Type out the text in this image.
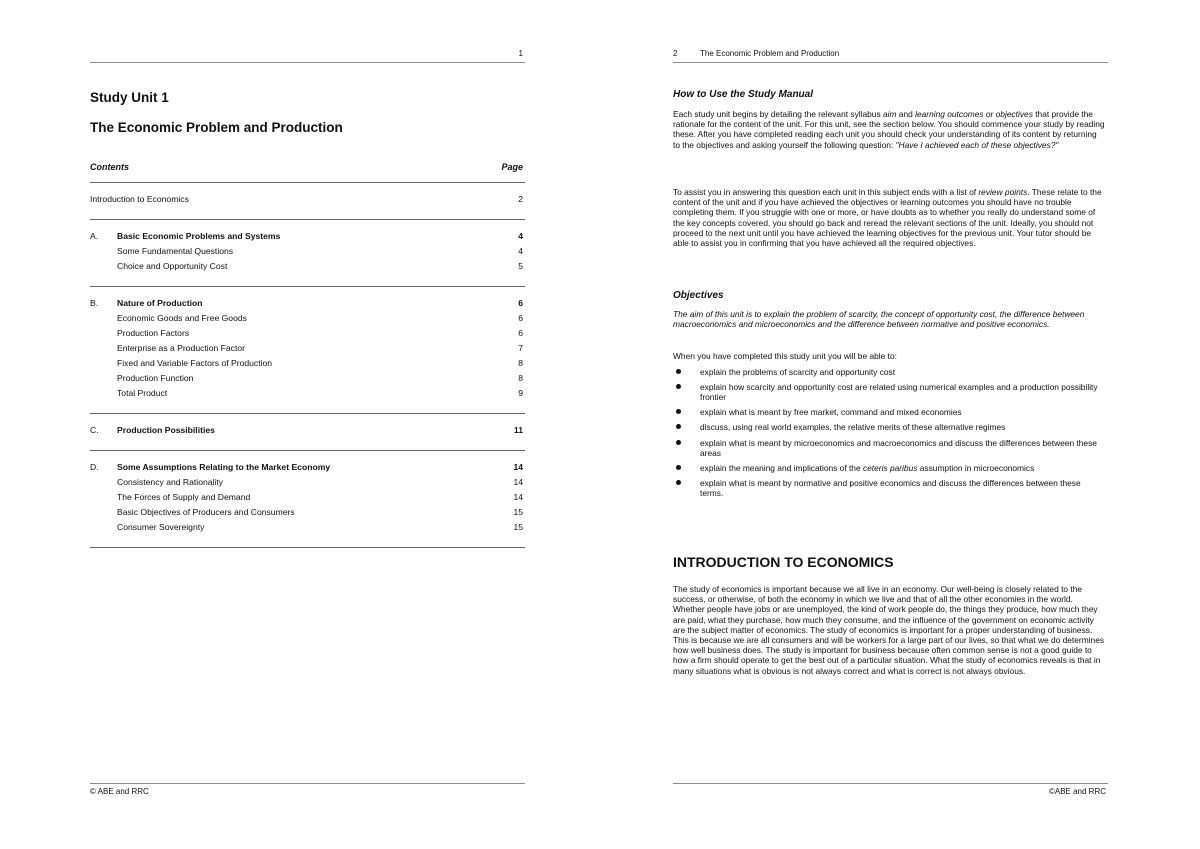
1
Study Unit 1
The Economic Problem and Production
Contents	Page
Introduction to Economics	2
A. Basic Economic Problems and Systems	4
Some Fundamental Questions	4
Choice and Opportunity Cost	5
B. Nature of Production	6
Economic Goods and Free Goods	6
Production Factors	6
Enterprise as a Production Factor	7
Fixed and Variable Factors of Production	8
Production Function	8
Total Product	9
C. Production Possibilities	11
D. Some Assumptions Relating to the Market Economy	14
Consistency and Rationality	14
The Forces of Supply and Demand	14
Basic Objectives of Producers and Consumers	15
Consumer Sovereignty	15
© ABE and RRC
2	The Economic Problem and Production
How to Use the Study Manual
Each study unit begins by detailing the relevant syllabus aim and learning outcomes or objectives that provide the rationale for the content of the unit. For this unit, see the section below. You should commence your study by reading these. After you have completed reading each unit you should check your understanding of its content by returning to the objectives and asking yourself the following question: "Have I achieved each of these objectives?"
To assist you in answering this question each unit in this subject ends with a list of review points. These relate to the content of the unit and if you have achieved the objectives or learning outcomes you should have no trouble completing them. If you struggle with one or more, or have doubts as to whether you really do understand some of the key concepts covered, you should go back and reread the relevant sections of the unit. Ideally, you should not proceed to the next unit until you have achieved the learning objectives for the previous unit. Your tutor should be able to assist you in confirming that you have achieved all the required objectives.
Objectives
The aim of this unit is to explain the problem of scarcity, the concept of opportunity cost, the difference between macroeconomics and microeconomics and the difference between normative and positive economics.
When you have completed this study unit you will be able to:
explain the problems of scarcity and opportunity cost
explain how scarcity and opportunity cost are related using numerical examples and a production possibility frontier
explain what is meant by free market, command and mixed economies
discuss, using real world examples, the relative merits of these alternative regimes
explain what is meant by microeconomics and macroeconomics and discuss the differences between these areas
explain the meaning and implications of the ceteris paribus assumption in microeconomics
explain what is meant by normative and positive economics and discuss the differences between these terms.
INTRODUCTION TO ECONOMICS
The study of economics is important because we all live in an economy. Our well-being is closely related to the success, or otherwise, of both the economy in which we live and that of all the other economies in the world. Whether people have jobs or are unemployed, the kind of work people do, the things they produce, how much they are paid, what they purchase, how much they consume, and the influence of the government on economic activity are the subject matter of economics. The study of economics is important for a proper understanding of business. This is because we are all consumers and will be workers for a large part of our lives, so that what we do determines how well business does. The study is important for business because often common sense is not a good guide to how a firm should operate to get the best out of a particular situation. What the study of economics reveals is that in many situations what is obvious is not always correct and what is correct is not always obvious.
©ABE and RRC
